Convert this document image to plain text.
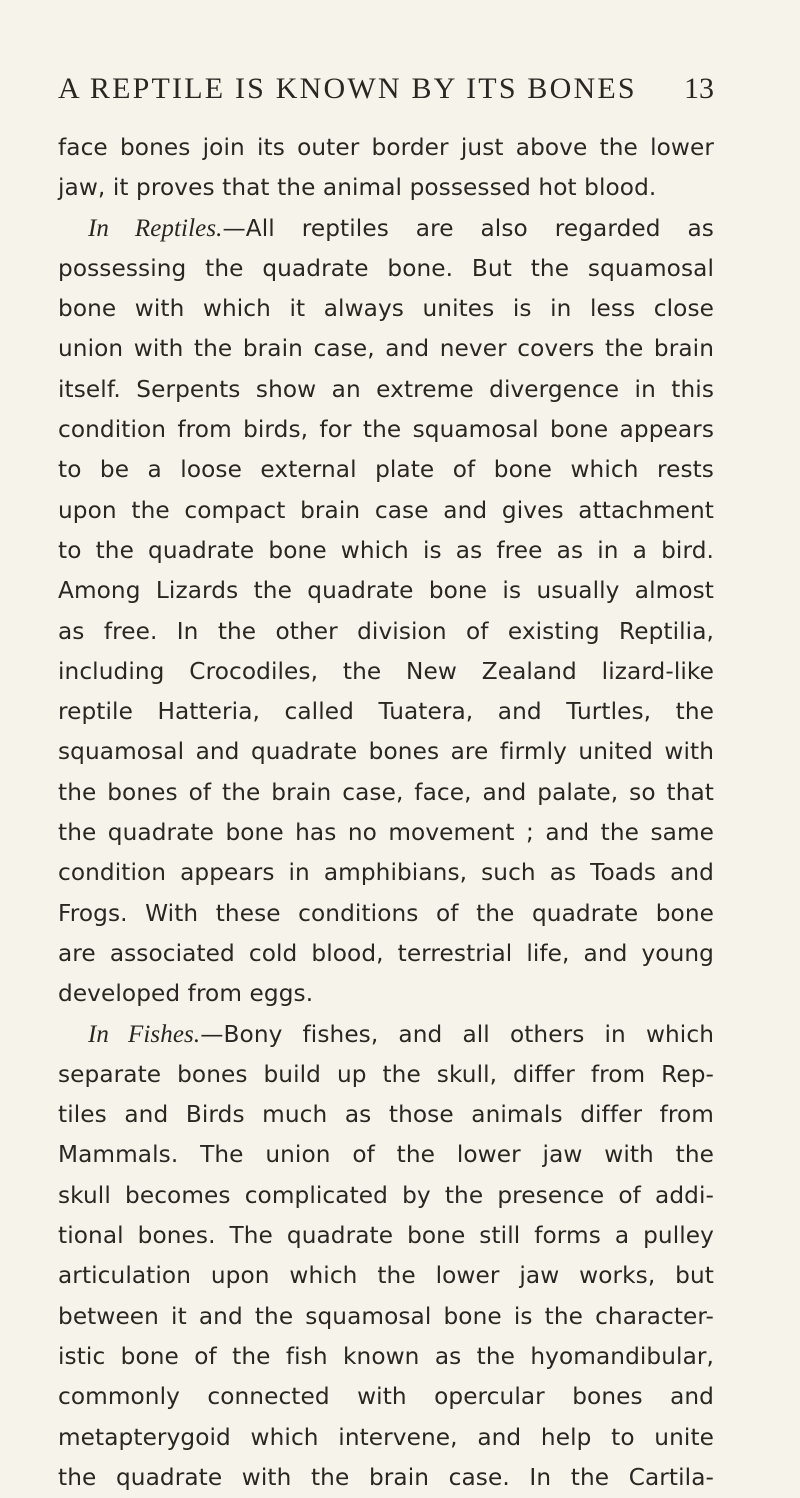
A REPTILE IS KNOWN BY ITS BONES 13
face bones join its outer border just above the lower
jaw, it proves that the animal possessed hot blood.
In Reptiles.—All reptiles are also regarded as
possessing the quadrate bone. But the squamosal
bone with which it always unites is in less close
union with the brain case, and never covers the brain
itself. Serpents show an extreme divergence in this
condition from birds, for the squamosal bone appears
to be a loose external plate of bone which rests
upon the compact brain case and gives attachment
to the quadrate bone which is as free as in a bird.
Among Lizards the quadrate bone is usually almost
as free. In the other division of existing Reptilia,
including Crocodiles, the New Zealand lizard-like
reptile Hatteria, called Tuatera, and Turtles, the
squamosal and quadrate bones are firmly united with
the bones of the brain case, face, and palate, so that
the quadrate bone has no movement ; and the same
condition appears in amphibians, such as Toads and
Frogs. With these conditions of the quadrate bone
are associated cold blood, terrestrial life, and young
developed from eggs.
In Fishes.—Bony fishes, and all others in which
separate bones build up the skull, differ from Rep-
tiles and Birds much as those animals differ from
Mammals. The union of the lower jaw with the
skull becomes complicated by the presence of addi-
tional bones. The quadrate bone still forms a pulley
articulation upon which the lower jaw works, but
between it and the squamosal bone is the character-
istic bone of the fish known as the hyomandibular,
commonly connected with opercular bones and
metapterygoid which intervene, and help to unite
the quadrate with the brain case. In the Cartila-
